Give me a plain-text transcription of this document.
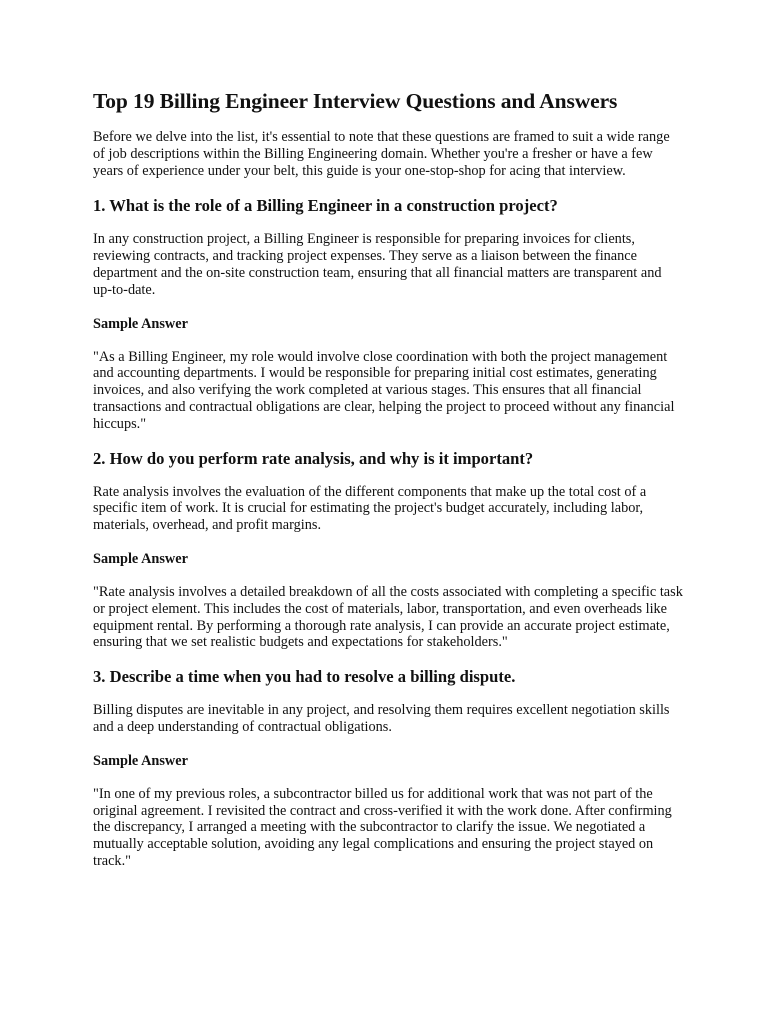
Top 19 Billing Engineer Interview Questions and Answers

Before we delve into the list, it's essential to note that these questions are framed to suit a wide range of job descriptions within the Billing Engineering domain. Whether you're a fresher or have a few years of experience under your belt, this guide is your one-stop-shop for acing that interview.

1. What is the role of a Billing Engineer in a construction project?

In any construction project, a Billing Engineer is responsible for preparing invoices for clients, reviewing contracts, and tracking project expenses. They serve as a liaison between the finance department and the on-site construction team, ensuring that all financial matters are transparent and up-to-date.

Sample Answer

"As a Billing Engineer, my role would involve close coordination with both the project management and accounting departments. I would be responsible for preparing initial cost estimates, generating invoices, and also verifying the work completed at various stages. This ensures that all financial transactions and contractual obligations are clear, helping the project to proceed without any financial hiccups."

2. How do you perform rate analysis, and why is it important?

Rate analysis involves the evaluation of the different components that make up the total cost of a specific item of work. It is crucial for estimating the project's budget accurately, including labor, materials, overhead, and profit margins.

Sample Answer

"Rate analysis involves a detailed breakdown of all the costs associated with completing a specific task or project element. This includes the cost of materials, labor, transportation, and even overheads like equipment rental. By performing a thorough rate analysis, I can provide an accurate project estimate, ensuring that we set realistic budgets and expectations for stakeholders."

3. Describe a time when you had to resolve a billing dispute.

Billing disputes are inevitable in any project, and resolving them requires excellent negotiation skills and a deep understanding of contractual obligations.

Sample Answer

"In one of my previous roles, a subcontractor billed us for additional work that was not part of the original agreement. I revisited the contract and cross-verified it with the work done. After confirming the discrepancy, I arranged a meeting with the subcontractor to clarify the issue. We negotiated a mutually acceptable solution, avoiding any legal complications and ensuring the project stayed on track."
